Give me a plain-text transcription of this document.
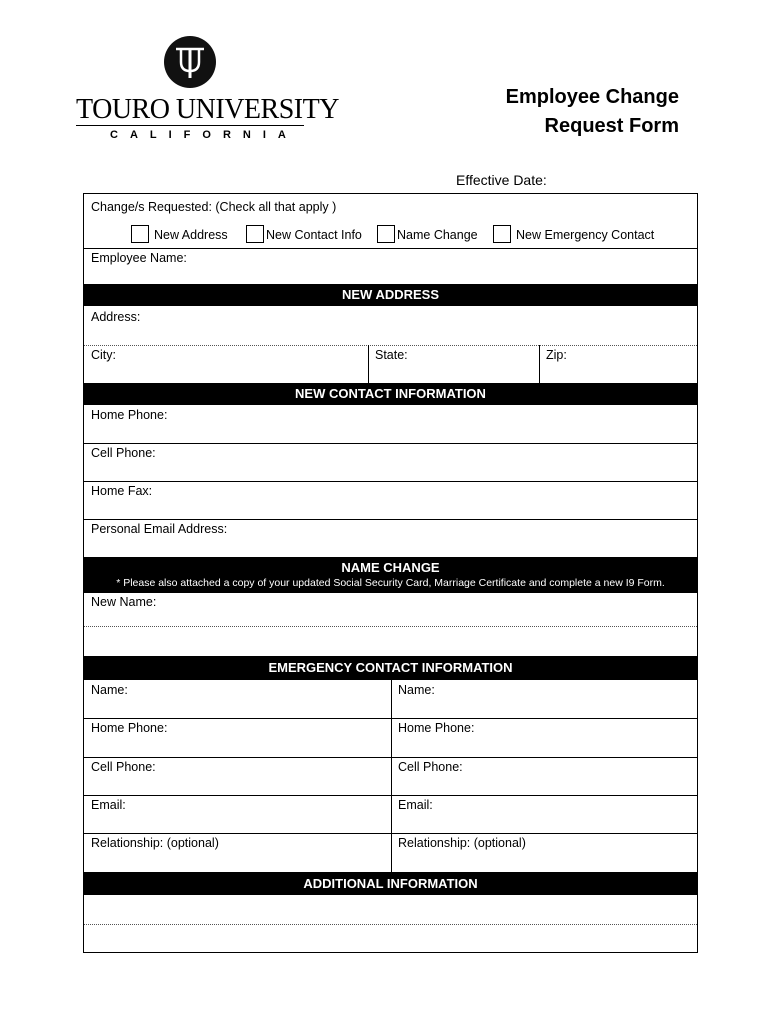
TOURO UNIVERSITY
CALIFORNIA
Employee Change
Request Form
Effective Date:
Change/s Requested: (Check all that apply )
New Address	New Contact Info	Name Change	New Emergency Contact
Employee Name:
NEW ADDRESS
Address:
City:	State:	Zip:
NEW CONTACT INFORMATION
Home Phone:
Cell Phone:
Home Fax:
Personal Email Address:
NAME CHANGE
* Please also attached a copy of your updated Social Security Card, Marriage Certificate and complete a new I9 Form.
New Name:
EMERGENCY CONTACT INFORMATION
Name:	Name:
Home Phone:	Home Phone:
Cell Phone:	Cell Phone:
Email:	Email:
Relationship: (optional)	Relationship: (optional)
ADDITIONAL INFORMATION
